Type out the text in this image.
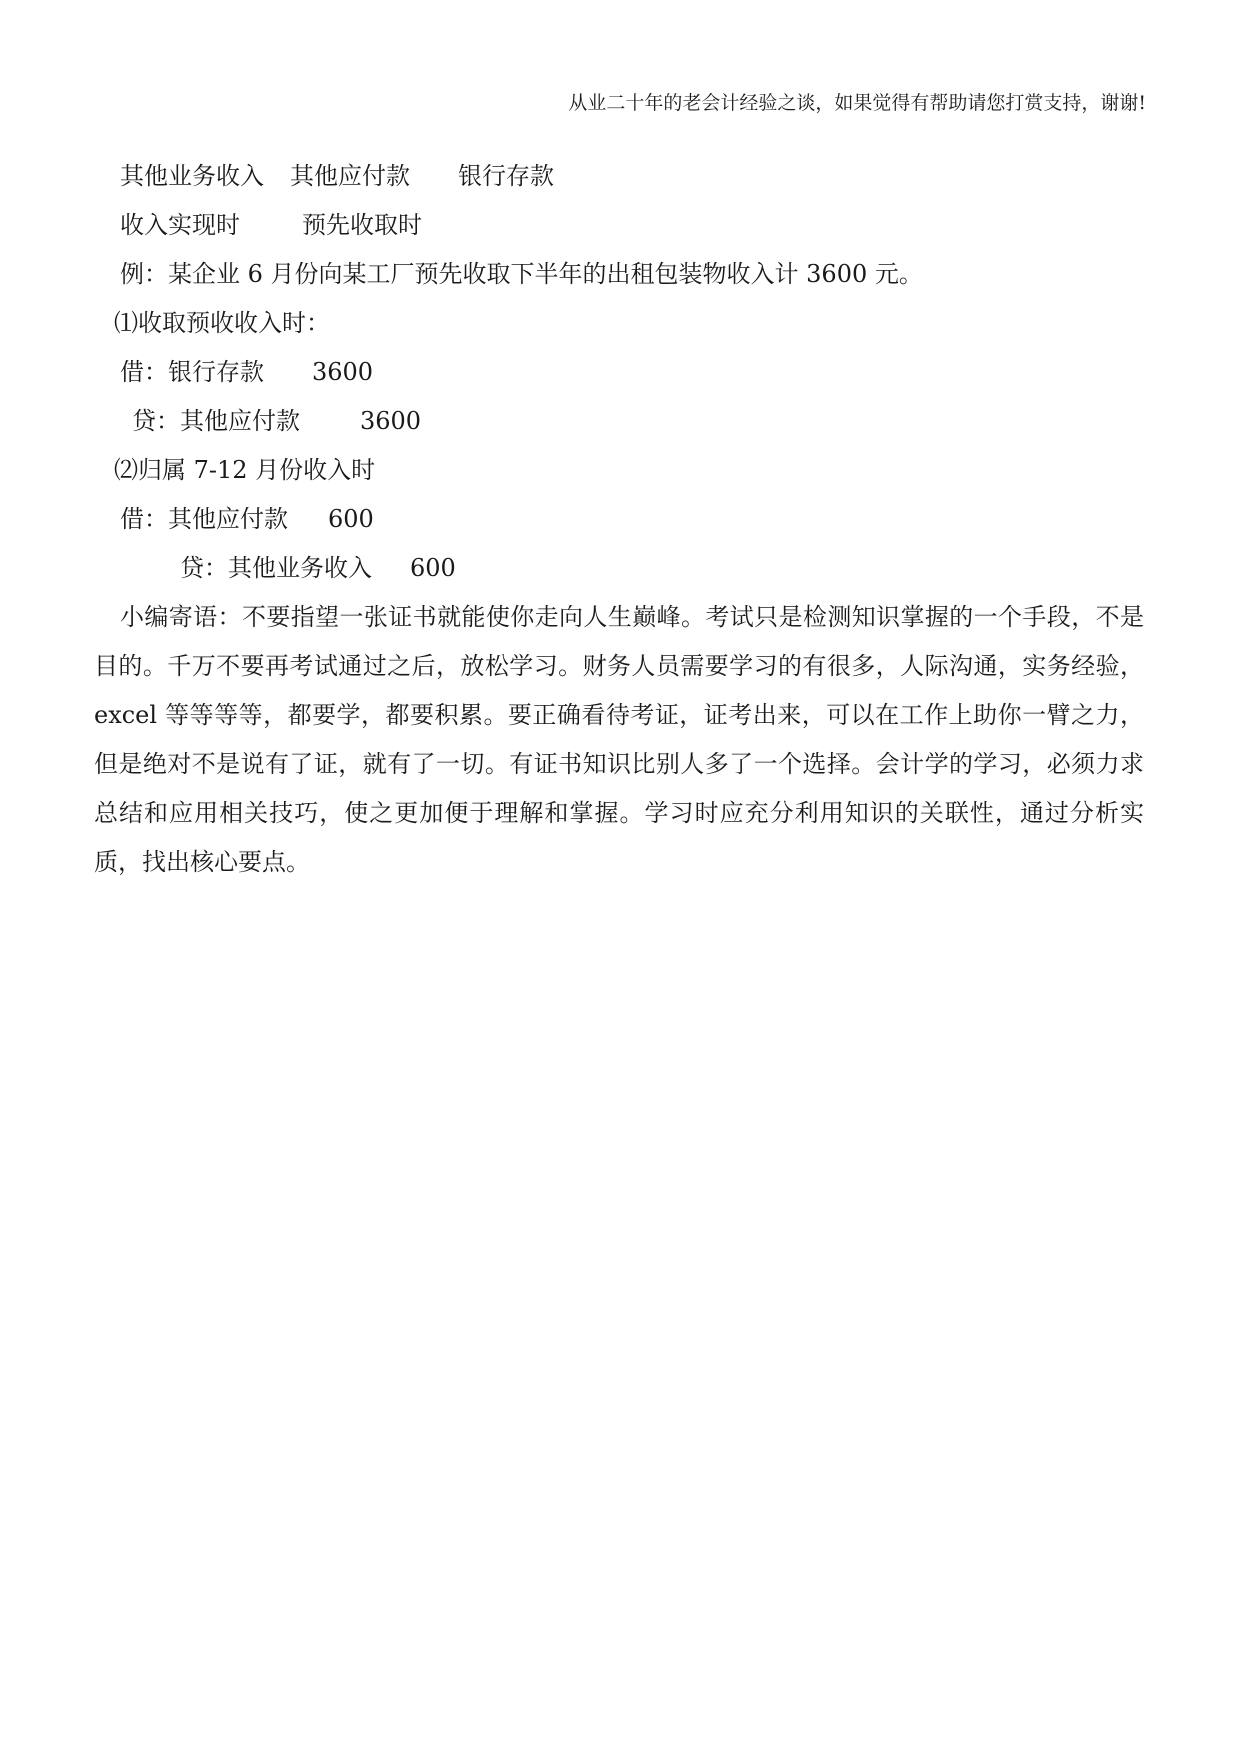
从业二十年的老会计经验之谈，如果觉得有帮助请您打赏支持，谢谢!
其他业务收入 其他应付款 银行存款
收入实现时	预先收取时
例：某企业 6 月份向某工厂预先收取下半年的出租包装物收入计 3600 元。
⑴收取预收收入时：
借：银行存款 3600
贷：其他应付款	3600
⑵归属 7-12 月份收入时
借：其他应付款 600
贷：其他业务收入 600
小编寄语：不要指望一张证书就能使你走向人生巅峰。考试只是检测知识掌握的一个手段，不是目的。千万不要再考试通过之后，放松学习。财务人员需要学习的有很多，人际沟通，实务经验，excel 等等等等，都要学，都要积累。要正确看待考证，证考出来，可以在工作上助你一臂之力，但是绝对不是说有了证，就有了一切。有证书知识比别人多了一个选择。会计学的学习，必须力求总结和应用相关技巧，使之更加便于理解和掌握。学习时应充分利用知识的关联性，通过分析实质，找出核心要点。
